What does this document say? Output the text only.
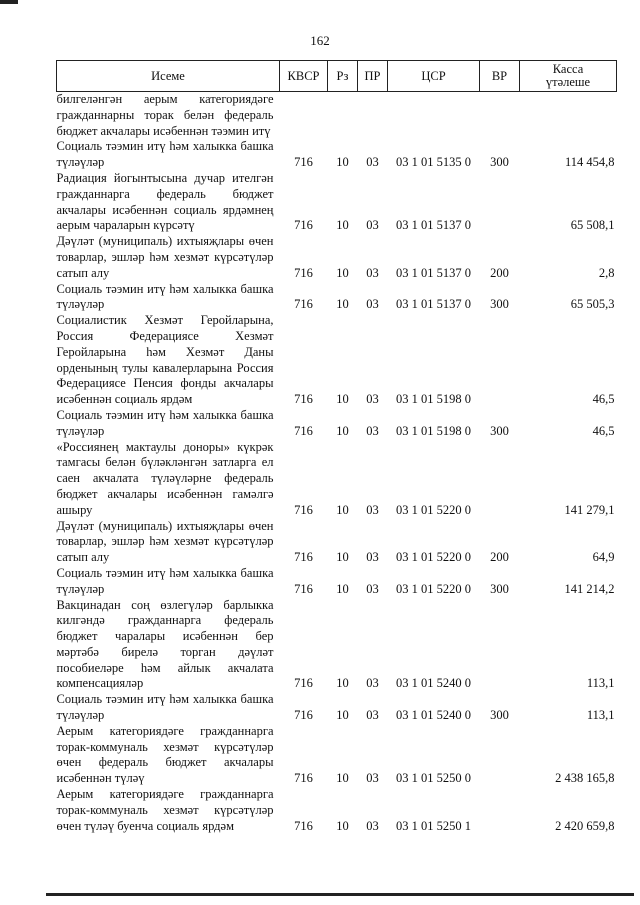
162
Исеме	КВСР	Рз	ПР	ЦСР	ВР	Касса
үтәлеше
билгеләнгән аерым категориядәге гражданнарны торак белән федераль бюджет акчалары исәбеннән тәэмин итү						
Социаль тәэмин итү һәм халыкка башка түләүләр	716	10	03	03 1 01 5135 0	300	114 454,8
Радиация йогынтысына дучар ителгән гражданнарга федераль бюджет акчалары исәбеннән социаль ярдәмнең аерым чараларын күрсәтү	716	10	03	03 1 01 5137 0		65 508,1
Дәүләт (муниципаль) ихтыяҗлары өчен товарлар, эшләр һәм хезмәт күрсәтүләр сатып алу	716	10	03	03 1 01 5137 0	200	2,8
Социаль тәэмин итү һәм халыкка башка түләүләр	716	10	03	03 1 01 5137 0	300	65 505,3
Социалистик Хезмәт Геройларына, Россия Федерациясе Хезмәт Геройларына һәм Хезмәт Даны орденының тулы кавалерларына Россия Федерациясе Пенсия фонды акчалары исәбеннән социаль ярдәм	716	10	03	03 1 01 5198 0		46,5
Социаль тәэмин итү һәм халыкка башка түләүләр	716	10	03	03 1 01 5198 0	300	46,5
«Россиянең мактаулы доноры» күкрәк тамгасы белән бүләкләнгән затларга ел саен акчалата түләүләрне федераль бюджет акчалары исәбеннән гамәлгә ашыру	716	10	03	03 1 01 5220 0		141 279,1
Дәүләт (муниципаль) ихтыяҗлары өчен товарлар, эшләр һәм хезмәт күрсәтүләр сатып алу	716	10	03	03 1 01 5220 0	200	64,9
Социаль тәэмин итү һәм халыкка башка түләүләр	716	10	03	03 1 01 5220 0	300	141 214,2
Вакцинадан соң өзлегүләр барлыкка килгәндә гражданнарга федераль бюджет чаралары исәбеннән бер мәртәбә бирелә торган дәүләт пособиеләре һәм айлык акчалата компенсацияләр	716	10	03	03 1 01 5240 0		113,1
Социаль тәэмин итү һәм халыкка башка түләүләр	716	10	03	03 1 01 5240 0	300	113,1
Аерым категориядәге гражданнарга торак-коммуналь хезмәт күрсәтүләр өчен федераль бюджет акчалары исәбеннән түләү	716	10	03	03 1 01 5250 0		2 438 165,8
Аерым категориядәге гражданнарга торак-коммуналь хезмәт күрсәтүләр өчен түләү буенча социаль ярдәм	716	10	03	03 1 01 5250 1		2 420 659,8
